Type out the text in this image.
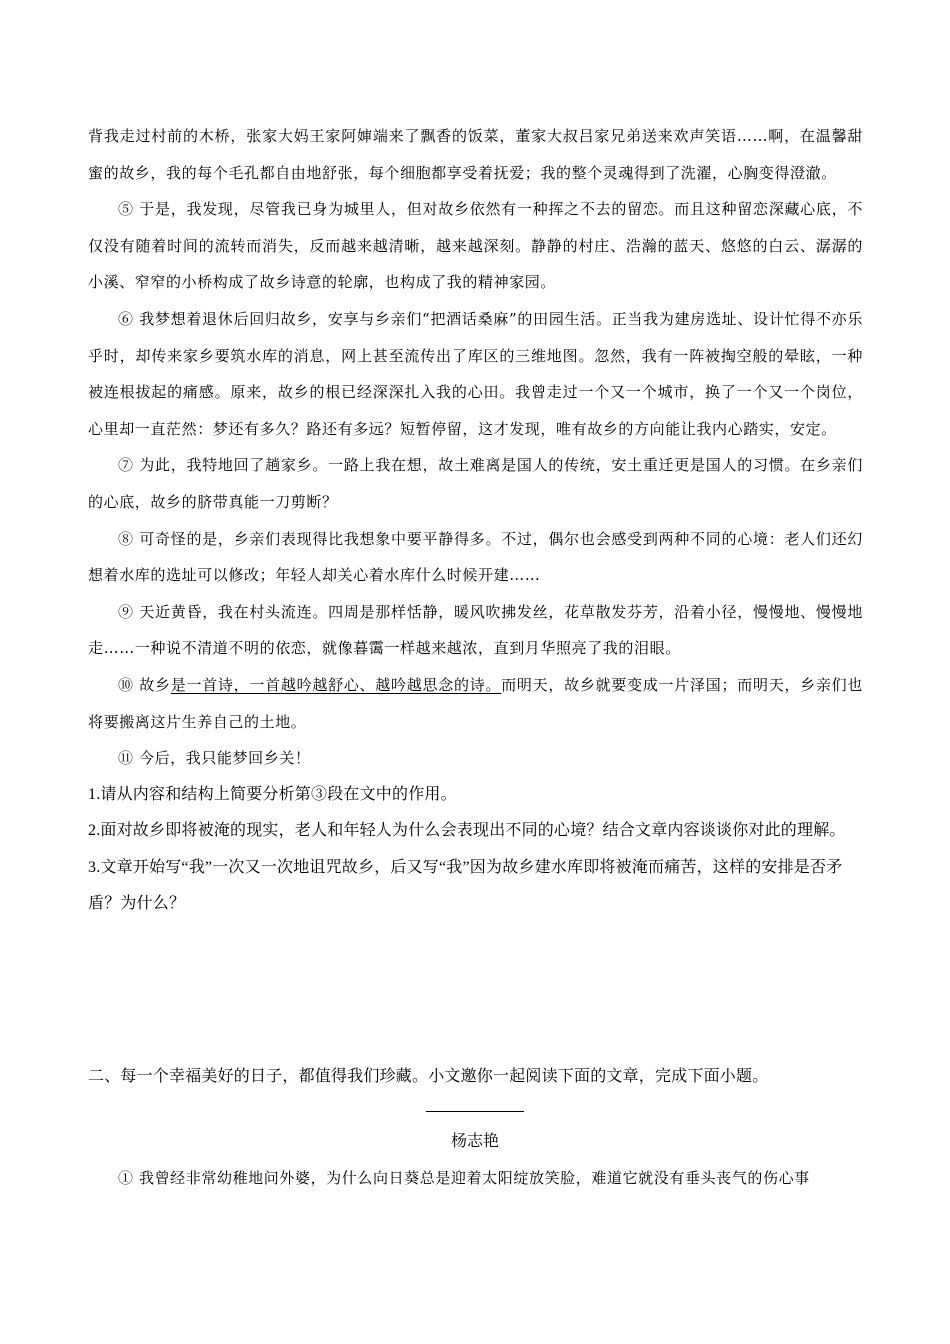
背我走过村前的木桥，张家大妈王家阿婶端来了飘香的饭菜，董家大叔吕家兄弟送来欢声笑语……啊，在温馨甜蜜的故乡，我的每个毛孔都自由地舒张，每个细胞都享受着抚爱；我的整个灵魂得到了洗濯，心胸变得澄澈。

⑤ 于是，我发现，尽管我已身为城里人，但对故乡依然有一种挥之不去的留恋。而且这种留恋深藏心底，不仅没有随着时间的流转而消失，反而越来越清晰，越来越深刻。静静的村庄、浩瀚的蓝天、悠悠的白云、潺潺的小溪、窄窄的小桥构成了故乡诗意的轮廓，也构成了我的精神家园。

⑥ 我梦想着退休后回归故乡，安享与乡亲们“把酒话桑麻”的田园生活。正当我为建房选址、设计忙得不亦乐乎时，却传来家乡要筑水库的消息，网上甚至流传出了库区的三维地图。忽然，我有一阵被掏空般的晕眩，一种被连根拔起的痛感。原来，故乡的根已经深深扎入我的心田。我曾走过一个又一个城市，换了一个又一个岗位，心里却一直茫然：梦还有多久？路还有多远？短暂停留，这才发现，唯有故乡的方向能让我内心踏实，安定。

⑦ 为此，我特地回了趟家乡。一路上我在想，故土难离是国人的传统，安土重迁更是国人的习惯。在乡亲们的心底，故乡的脐带真能一刀剪断？

⑧ 可奇怪的是，乡亲们表现得比我想象中要平静得多。不过，偶尔也会感受到两种不同的心境：老人们还幻想着水库的选址可以修改；年轻人却关心着水库什么时候开建……

⑨ 天近黄昏，我在村头流连。四周是那样恬静，暖风吹拂发丝，花草散发芬芳，沿着小径，慢慢地、慢慢地走……一种说不清道不明的依恋，就像暮霭一样越来越浓，直到月华照亮了我的泪眼。

⑩ 故乡是一首诗，一首越吟越舒心、越吟越思念的诗。而明天，故乡就要变成一片泽国；而明天，乡亲们也将要搬离这片生养自己的土地。

⑪ 今后，我只能梦回乡关！

1.请从内容和结构上简要分析第③段在文中的作用。

2.面对故乡即将被淹的现实，老人和年轻人为什么会表现出不同的心境？结合文章内容谈谈你对此的理解。

3.文章开始写“我”一次又一次地诅咒故乡，后又写“我”因为故乡建水库即将被淹而痛苦，这样的安排是否矛盾？为什么？

二、每一个幸福美好的日子，都值得我们珍藏。小文邀你一起阅读下面的文章，完成下面小题。

杨志艳

① 我曾经非常幼稚地问外婆，为什么向日葵总是迎着太阳绽放笑脸，难道它就没有垂头丧气的伤心事
